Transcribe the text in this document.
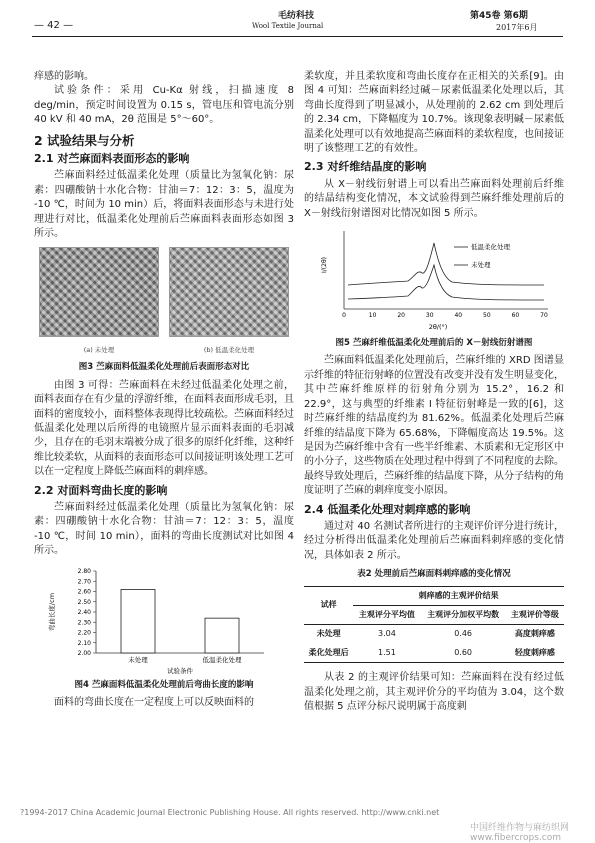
毛纺科技
Wool Textile Journal
— 42 —
第45卷 第6期
2017年6月

痒感的影响。

试验条件：采用 Cu-Kα 射线，扫描速度 8 deg/min，预定时间设置为 0.15 s，管电压和管电流分别 40 kV 和 40 mA，2θ 范围是 5°～60°。

2 试验结果与分析
2.1 对苎麻面料表面形态的影响

苎麻面料经过低温柔化处理（质量比为氢氧化钠：尿素：四硼酸钠十水化合物：甘油＝7：12：3：5，温度为 -10 ℃，时间为 10 min）后，将面料表面形态与未进行处理进行对比，低温柔化处理前后苎麻面料表面形态如图 3 所示。

(a) 未处理	(b) 低温柔化处理
图3 苎麻面料低温柔化处理前后表面形态对比

由图 3 可得：苎麻面料在未经过低温柔化处理之前，面料表面存在有少量的浮游纤维，在面料表面形成毛羽，且面料的密度较小，面料整体表现得比较疏松。苎麻面料经过低温柔化处理以后所得的电镜照片显示面料表面的毛羽减少，且存在的毛羽末端被分成了很多的原纤化纤维，这种纤维比较柔软，从面料的表面形态可以间接证明该处理工艺可以在一定程度上降低苎麻面料的刺痒感。

2.2 对面料弯曲长度的影响

苎麻面料经过低温柔化处理（质量比为氢氧化钠：尿素：四硼酸钠十水化合物：甘油＝7：12：3：5，温度 -10 ℃，时间 10 min），面料的弯曲长度测试对比如图 4 所示。

2.00
2.10
2.20
2.30
2.40
2.50
2.60
2.70
2.80
未处理	低温柔化处理
试验条件
弯曲长度/cm
图4 苎麻面料低温柔化处理前后弯曲长度的影响

面料的弯曲长度在一定程度上可以反映面料的

柔软度，并且柔软度和弯曲长度存在正相关的关系[9]。由图 4 可知：苎麻面料经过碱－尿素低温柔化处理以后，其弯曲长度得到了明显减小，从处理前的 2.62 cm 到处理后的 2.34 cm，下降幅度为 10.7%。该现象表明碱－尿素低温柔化处理可以有效地提高苎麻面料的柔软程度，也间接证明了该整理工艺的有效性。

2.3 对纤维结晶度的影响

从 X－射线衍射谱上可以看出苎麻面料处理前后纤维的结晶结构变化情况，本文试验得到苎麻纤维处理前后的 X－射线衍射谱图对比情况如图 5 所示。

I/(2θ)
低温柔化处理
未处理
0	10	20	30	40	50	60	70
2θ/(°)
图5 苎麻纤维低温柔化处理前后的 X－射线衍射谱图

苎麻面料低温柔化处理前后，苎麻纤维的 XRD 图谱显示纤维的特征衍射峰的位置没有改变并没有发生明显变化，其中苎麻纤维原样的衍射角分别为 15.2°，16.2 和 22.9°，这与典型的纤维素 I 特征衍射峰是一致的[6]，这时苎麻纤维的结晶度约为 81.62%。低温柔化处理后苎麻纤维的结晶度下降为 65.68%，下降幅度高达 19.5%。这是因为苎麻纤维中含有一些半纤维素、木质素和无定形区中的小分子，这些物质在处理过程中得到了不同程度的去除。最终导致处理后，苎麻纤维的结晶度下降，从分子结构的角度证明了苎麻的刺痒度变小原因。

2.4 低温柔化处理对刺痒感的影响

通过对 40 名测试者所进行的主观评价评分进行统计，经过分析得出低温柔化处理前后苎麻面料刺痒感的变化情况，具体如表 2 所示。

表2 处理前后苎麻面料刺痒感的变化情况
试样	刺痒感的主观评价结果		
	主观评分平均值	主观评分加权平均数	主观评价等级
未处理	3.04	0.46	高度刺痒感
柔化处理后	1.51	0.60	轻度刺痒感

从表 2 的主观评价结果可知：苎麻面料在没有经过低温柔化处理之前，其主观评价分的平均值为 3.04，这个数值根据 5 点评分标尺说明属于高度刺

?1994-2017 China Academic Journal Electronic Publishing House. All rights reserved. http://www.cnki.net
中国纤维作物与麻纺织网 www.fibercrops.com
